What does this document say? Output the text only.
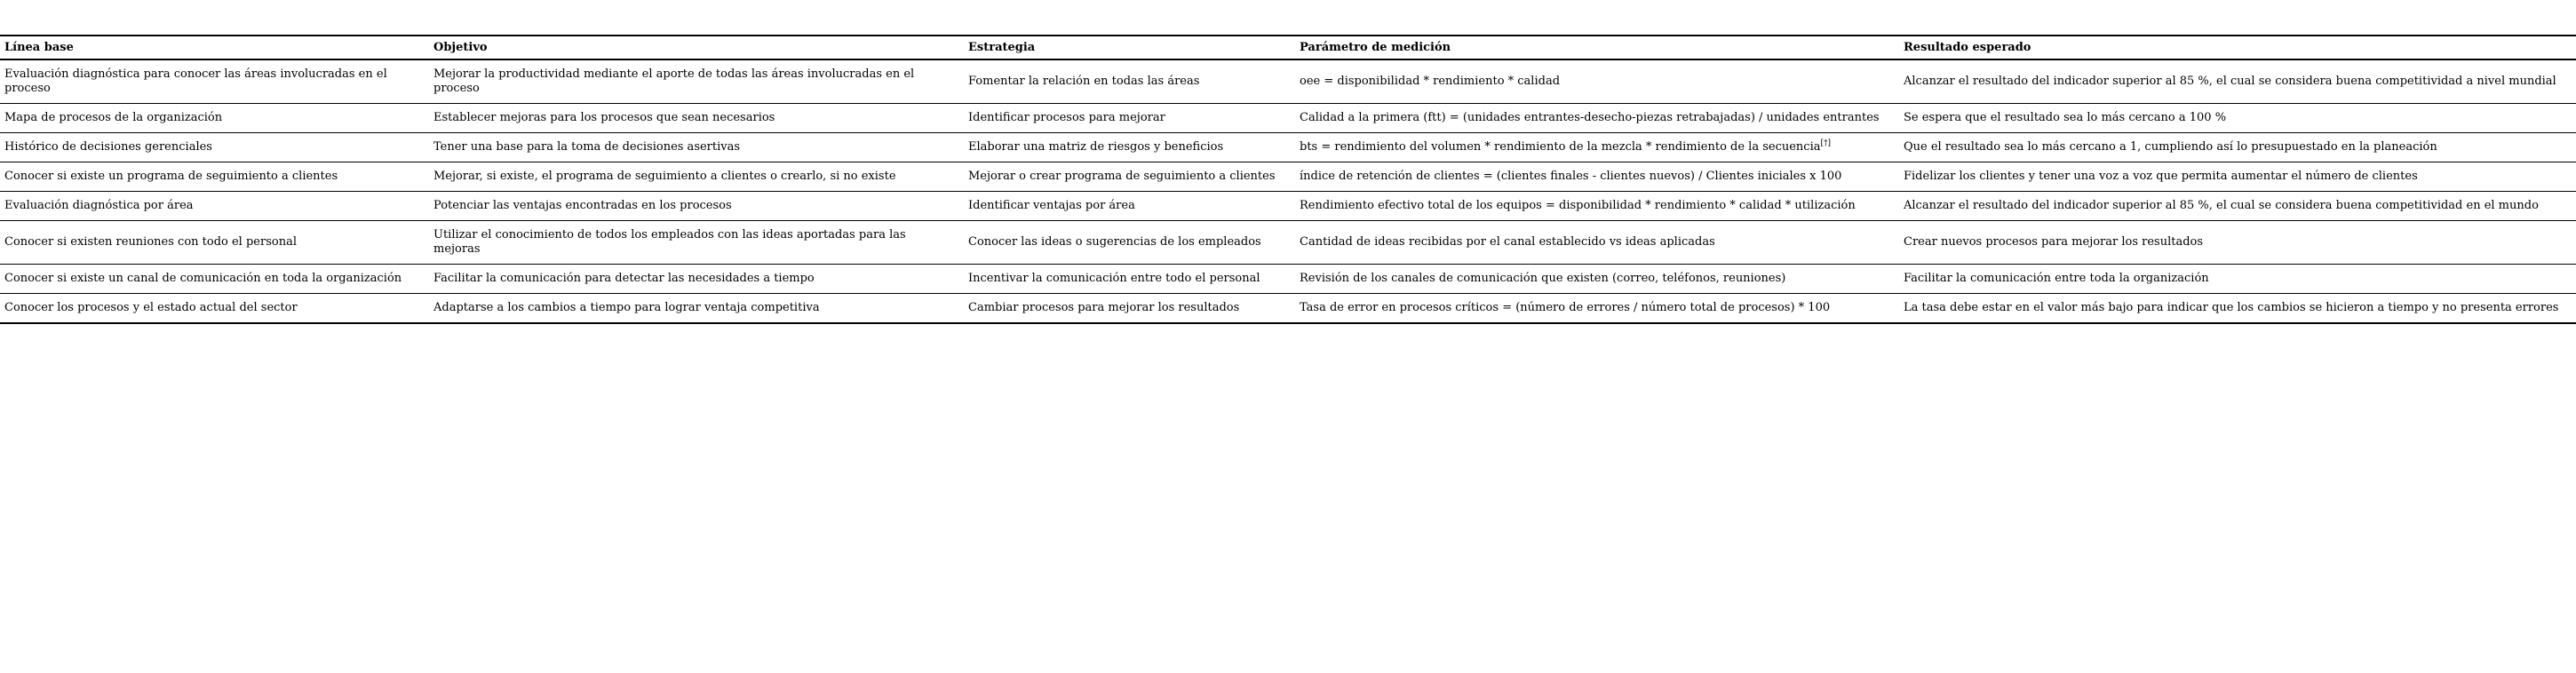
Línea base	Objetivo	Estrategia	Parámetro de medición	Resultado esperado
Evaluación diagnóstica para conocer las áreas involucradas en el proceso	Mejorar la productividad mediante el aporte de todas las áreas involucradas en el proceso	Fomentar la relación en todas las áreas	oee = disponibilidad * rendimiento * calidad	Alcanzar el resultado del indicador superior al 85 %, el cual se considera buena competitividad a nivel mundial
Mapa de procesos de la organización	Establecer mejoras para los procesos que sean necesarios	Identificar procesos para mejorar	Calidad a la primera (ftt) = (unidades entrantes-desecho-piezas retrabajadas) / unidades entrantes	Se espera que el resultado sea lo más cercano a 100 %
Histórico de decisiones gerenciales	Tener una base para la toma de decisiones asertivas	Elaborar una matriz de riesgos y beneficios	bts = rendimiento del volumen * rendimiento de la mezcla * rendimiento de la secuencia[†]	Que el resultado sea lo más cercano a 1, cumpliendo así lo presupuestado en la planeación
Conocer si existe un programa de seguimiento a clientes	Mejorar, si existe, el programa de seguimiento a clientes o crearlo, si no existe	Mejorar o crear programa de seguimiento a clientes	índice de retención de clientes = (clientes finales - clientes nuevos) / Clientes iniciales x 100	Fidelizar los clientes y tener una voz a voz que permita aumentar el número de clientes
Evaluación diagnóstica por área	Potenciar las ventajas encontradas en los procesos	Identificar ventajas por área	Rendimiento efectivo total de los equipos = disponibilidad * rendimiento * calidad * utilización	Alcanzar el resultado del indicador superior al 85 %, el cual se considera buena competitividad en el mundo
Conocer si existen reuniones con todo el personal	Utilizar el conocimiento de todos los empleados con las ideas aportadas para las mejoras	Conocer las ideas o sugerencias de los empleados	Cantidad de ideas recibidas por el canal establecido vs ideas aplicadas	Crear nuevos procesos para mejorar los resultados
Conocer si existe un canal de comunicación en toda la organización	Facilitar la comunicación para detectar las necesidades a tiempo	Incentivar la comunicación entre todo el personal	Revisión de los canales de comunicación que existen (correo, teléfonos, reuniones)	Facilitar la comunicación entre toda la organización
Conocer los procesos y el estado actual del sector	Adaptarse a los cambios a tiempo para lograr ventaja competitiva	Cambiar procesos para mejorar los resultados	Tasa de error en procesos críticos = (número de errores / número total de procesos) * 100	La tasa debe estar en el valor más bajo para indicar que los cambios se hicieron a tiempo y no presenta errores
